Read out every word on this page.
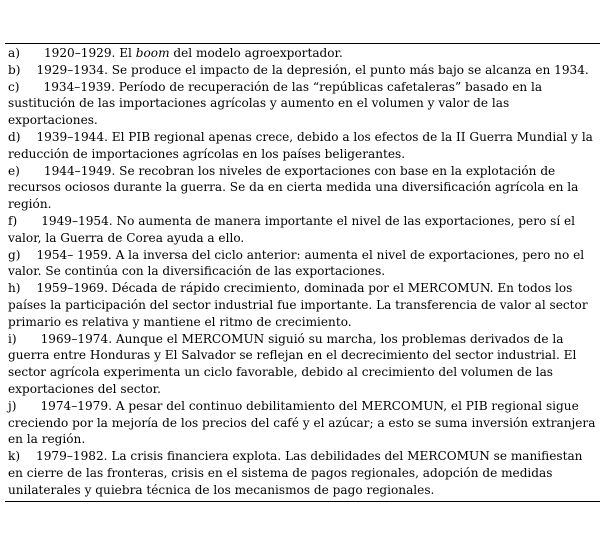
a) 1920–1929. El boom del modelo agroexportador.

b) 1929–1934. Se produce el impacto de la depresión, el punto más bajo se alcanza en 1934.

c) 1934–1939. Período de recuperación de las “repúblicas cafetaleras” basado en la sustitución de las importaciones agrícolas y aumento en el volumen y valor de las exportaciones.

d) 1939–1944. El PIB regional apenas crece, debido a los efectos de la II Guerra Mundial y la reducción de importaciones agrícolas en los países beligerantes.

e) 1944–1949. Se recobran los niveles de exportaciones con base en la explotación de recursos ociosos durante la guerra. Se da en cierta medida una diversificación agrícola en la región.

f) 1949–1954. No aumenta de manera importante el nivel de las exportaciones, pero sí el valor, la Guerra de Corea ayuda a ello.

g) 1954– 1959. A la inversa del ciclo anterior: aumenta el nivel de exportaciones, pero no el valor. Se continúa con la diversificación de las exportaciones.

h) 1959–1969. Década de rápido crecimiento, dominada por el MERCOMUN. En todos los países la participación del sector industrial fue importante. La transferencia de valor al sector primario es relativa y mantiene el ritmo de crecimiento.

i) 1969–1974. Aunque el MERCOMUN siguió su marcha, los problemas derivados de la guerra entre Honduras y El Salvador se reflejan en el decrecimiento del sector industrial. El sector agrícola experimenta un ciclo favorable, debido al crecimiento del volumen de las exportaciones del sector.

j) 1974–1979. A pesar del continuo debilitamiento del MERCOMUN, el PIB regional sigue creciendo por la mejoría de los precios del café y el azúcar; a esto se suma inversión extranjera en la región.

k) 1979–1982. La crisis financiera explota. Las debilidades del MERCOMUN se manifiestan en cierre de las fronteras, crisis en el sistema de pagos regionales, adopción de medidas unilaterales y quiebra técnica de los mecanismos de pago regionales.
